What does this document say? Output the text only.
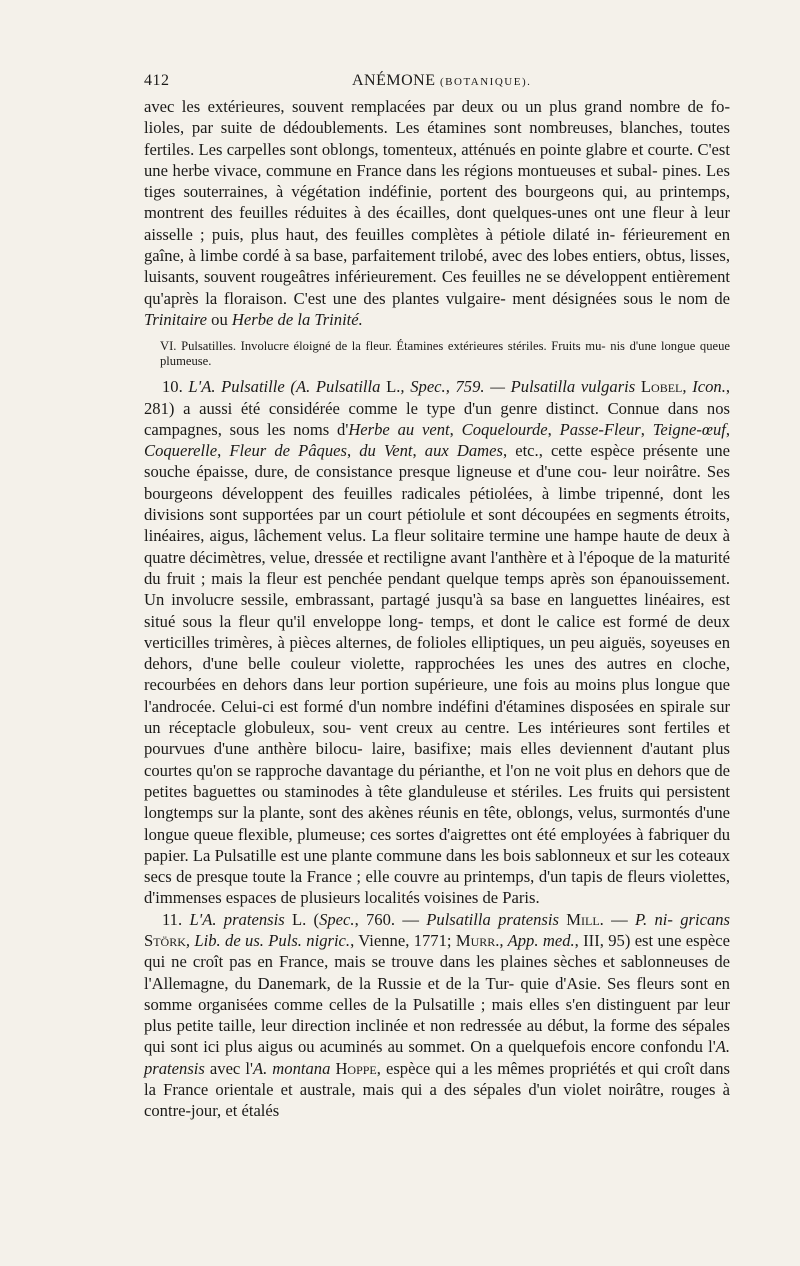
412	ANÉMONE (BOTANIQUE).

avec les extérieures, souvent remplacées par deux ou un plus grand nombre de fo- lioles, par suite de dédoublements. Les étamines sont nombreuses, blanches, toutes fertiles. Les carpelles sont oblongs, tomenteux, atténués en pointe glabre et courte. C'est une herbe vivace, commune en France dans les régions montueuses et subal- pines. Les tiges souterraines, à végétation indéfinie, portent des bourgeons qui, au printemps, montrent des feuilles réduites à des écailles, dont quelques-unes ont une fleur à leur aisselle ; puis, plus haut, des feuilles complètes à pétiole dilaté in- férieurement en gaîne, à limbe cordé à sa base, parfaitement trilobé, avec des lobes entiers, obtus, lisses, luisants, souvent rougeâtres inférieurement. Ces feuilles ne se développent entièrement qu'après la floraison. C'est une des plantes vulgaire- ment désignées sous le nom de Trinitaire ou Herbe de la Trinité.

VI. Pulsatilles. Involucre éloigné de la fleur. Étamines extérieures stériles. Fruits mu- nis d'une longue queue plumeuse.

10. L'A. Pulsatille (A. Pulsatilla L., Spec., 759. — Pulsatilla vulgaris Lobel, Icon., 281) a aussi été considérée comme le type d'un genre distinct. Connue dans nos campagnes, sous les noms d'Herbe au vent, Coquelourde, Passe-Fleur, Teigne-œuf, Coquerelle, Fleur de Pâques, du Vent, aux Dames, etc., cette espèce présente une souche épaisse, dure, de consistance presque ligneuse et d'une cou- leur noirâtre. Ses bourgeons développent des feuilles radicales pétiolées, à limbe tripenné, dont les divisions sont supportées par un court pétiolule et sont découpées en segments étroits, linéaires, aigus, lâchement velus. La fleur solitaire termine une hampe haute de deux à quatre décimètres, velue, dressée et rectiligne avant l'anthère et à l'époque de la maturité du fruit ; mais la fleur est penchée pendant quelque temps après son épanouissement. Un involucre sessile, embrassant, partagé jusqu'à sa base en languettes linéaires, est situé sous la fleur qu'il enveloppe long- temps, et dont le calice est formé de deux verticilles trimères, à pièces alternes, de folioles elliptiques, un peu aiguës, soyeuses en dehors, d'une belle couleur violette, rapprochées les unes des autres en cloche, recourbées en dehors dans leur portion supérieure, une fois au moins plus longue que l'androcée. Celui-ci est formé d'un nombre indéfini d'étamines disposées en spirale sur un réceptacle globuleux, sou- vent creux au centre. Les intérieures sont fertiles et pourvues d'une anthère bilocu- laire, basifixe; mais elles deviennent d'autant plus courtes qu'on se rapproche davantage du périanthe, et l'on ne voit plus en dehors que de petites baguettes ou staminodes à tête glanduleuse et stériles. Les fruits qui persistent longtemps sur la plante, sont des akènes réunis en tête, oblongs, velus, surmontés d'une longue queue flexible, plumeuse; ces sortes d'aigrettes ont été employées à fabriquer du papier. La Pulsatille est une plante commune dans les bois sablonneux et sur les coteaux secs de presque toute la France ; elle couvre au printemps, d'un tapis de fleurs violettes, d'immenses espaces de plusieurs localités voisines de Paris.

11. L'A. pratensis L. (Spec., 760. — Pulsatilla pratensis Mill. — P. ni- gricans Störk, Lib. de us. Puls. nigric., Vienne, 1771; Murr., App. med., III, 95) est une espèce qui ne croît pas en France, mais se trouve dans les plaines sèches et sablonneuses de l'Allemagne, du Danemark, de la Russie et de la Tur- quie d'Asie. Ses fleurs sont en somme organisées comme celles de la Pulsatille ; mais elles s'en distinguent par leur plus petite taille, leur direction inclinée et non redressée au début, la forme des sépales qui sont ici plus aigus ou acuminés au sommet. On a quelquefois encore confondu l'A. pratensis avec l'A. montana Hoppe, espèce qui a les mêmes propriétés et qui croît dans la France orientale et australe, mais qui a des sépales d'un violet noirâtre, rouges à contre-jour, et étalés
